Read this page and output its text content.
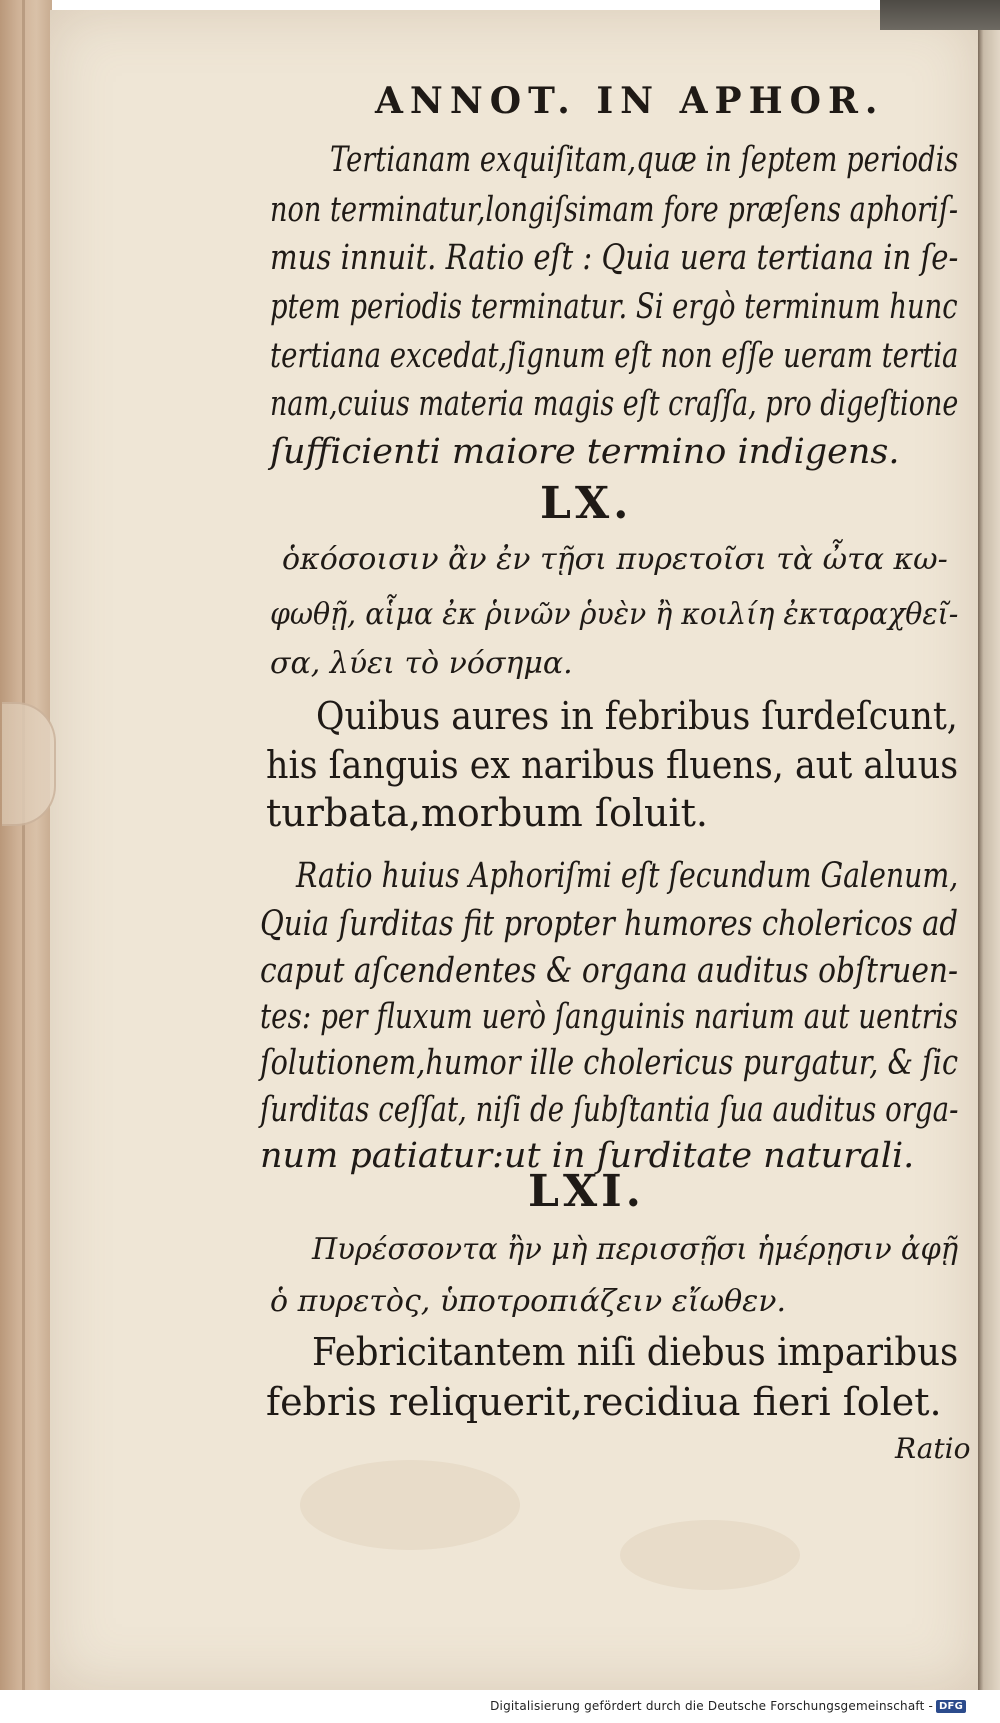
ANNOT. IN APHOR.
Tertianam exquiſitam,quæ in ſeptem periodis
non terminatur,longiſsimam fore præſens aphoriſ-
mus innuit. Ratio eſt : Quia uera tertiana in ſe-
ptem periodis terminatur. Si ergò terminum hunc
tertiana excedat,ſignum eſt non eſſe ueram tertia
nam,cuius materia magis eſt craſſa, pro digeſtione
ſufficienti maiore termino indigens.
LX.
ὁκόσοισιν ἂν ἐν τῇσι πυρετοῖσι τὰ ὦτα κω-
φωθῇ, αἷμα ἐκ ῥινῶν ῥυὲν ἢ κοιλίη ἐκταραχθεῖ-
σα, λύει τὸ νόσημα.
Quibus aures in febribus ſurdeſcunt,
his ſanguis ex naribus fluens, aut aluus
turbata,morbum ſoluit.
Ratio huius Aphoriſmi eſt ſecundum Galenum,
Quia ſurditas fit propter humores cholericos ad
caput aſcendentes & organa auditus obſtruen-
tes: per fluxum uerò ſanguinis narium aut uentris
ſolutionem,humor ille cholericus purgatur, & ſic
ſurditas ceſſat, niſi de ſubſtantia ſua auditus orga-
num patiatur:ut in ſurditate naturali.
LXI.
Πυρέσσοντα ἢν μὴ περισσῇσι ἡμέρῃσιν ἀφῇ
ὁ πυρετὸς, ὑποτροπιάζειν εἴωθεν.
Febricitantem niſi diebus imparibus
febris reliquerit,recidiua fieri ſolet.
Ratio
Digitalisierung gefördert durch die Deutsche Forschungsgemeinschaft - DFG
